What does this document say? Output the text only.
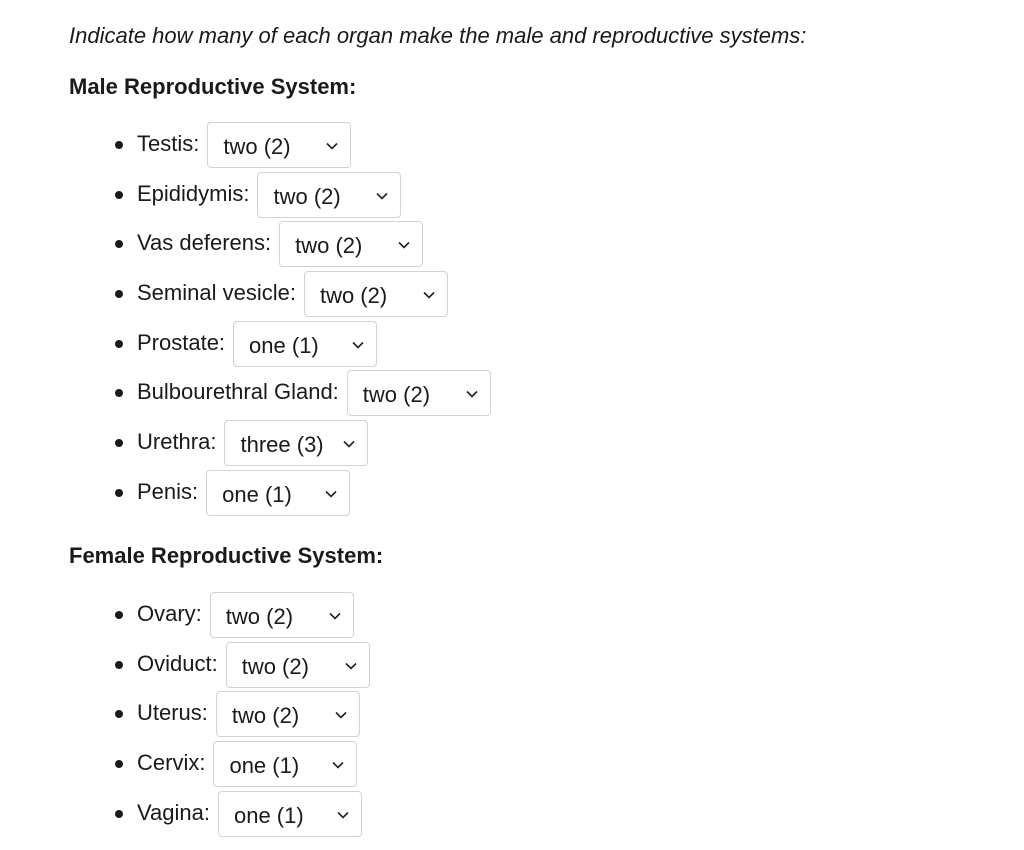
Indicate how many of each organ make the male and reproductive systems:

Male Reproductive System:
Testis: two (2)
Epididymis: two (2)
Vas deferens: two (2)
Seminal vesicle: two (2)
Prostate: one (1)
Bulbourethral Gland: two (2)
Urethra: three (3)
Penis: one (1)
Female Reproductive System:
Ovary: two (2)
Oviduct: two (2)
Uterus: two (2)
Cervix: one (1)
Vagina: one (1)
